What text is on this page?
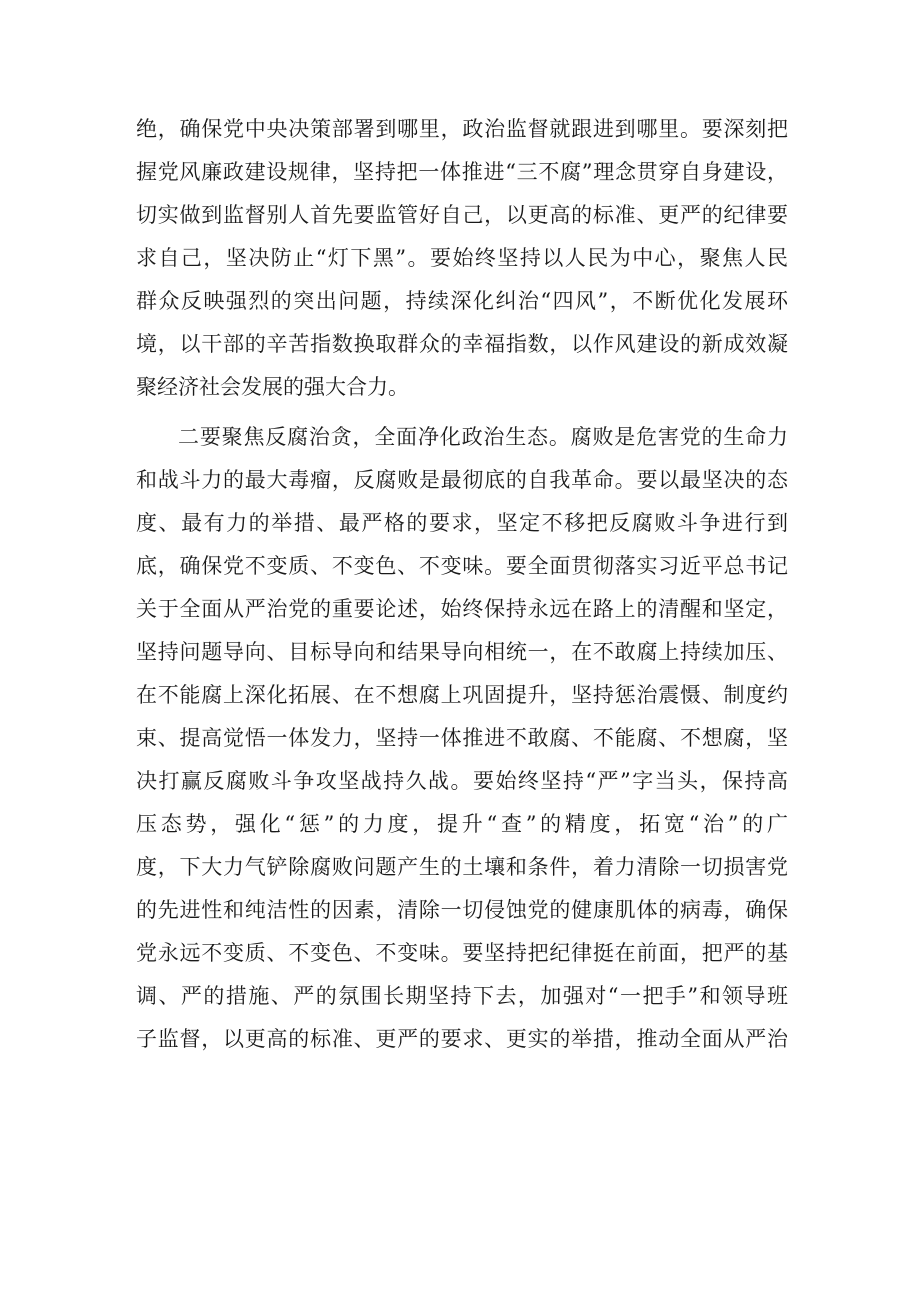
绝，确保党中央决策部署到哪里，政治监督就跟进到哪里。要深刻把
握党风廉政建设规律，坚持把一体推进“三不腐”理念贯穿自身建设，
切实做到监督别人首先要监管好自己，以更高的标准、更严的纪律要
求自己，坚决防止“灯下黑”。要始终坚持以人民为中心，聚焦人民
群众反映强烈的突出问题，持续深化纠治“四风”，不断优化发展环
境，以干部的辛苦指数换取群众的幸福指数，以作风建设的新成效凝
聚经济社会发展的强大合力。
二要聚焦反腐治贪，全面净化政治生态。腐败是危害党的生命力
和战斗力的最大毒瘤，反腐败是最彻底的自我革命。要以最坚决的态
度、最有力的举措、最严格的要求，坚定不移把反腐败斗争进行到
底，确保党不变质、不变色、不变味。要全面贯彻落实习近平总书记
关于全面从严治党的重要论述，始终保持永远在路上的清醒和坚定，
坚持问题导向、目标导向和结果导向相统一，在不敢腐上持续加压、
在不能腐上深化拓展、在不想腐上巩固提升，坚持惩治震慑、制度约
束、提高觉悟一体发力，坚持一体推进不敢腐、不能腐、不想腐，坚
决打赢反腐败斗争攻坚战持久战。要始终坚持“严”字当头，保持高
压态势，强化“惩”的力度，提升“查”的精度，拓宽“治”的广
度，下大力气铲除腐败问题产生的土壤和条件，着力清除一切损害党
的先进性和纯洁性的因素，清除一切侵蚀党的健康肌体的病毒，确保
党永远不变质、不变色、不变味。要坚持把纪律挺在前面，把严的基
调、严的措施、严的氛围长期坚持下去，加强对“一把手”和领导班
子监督，以更高的标准、更严的要求、更实的举措，推动全面从严治
